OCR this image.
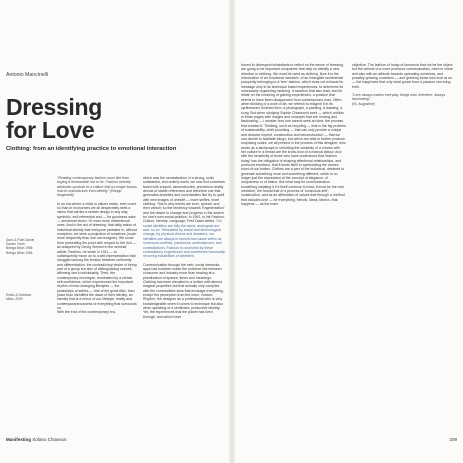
Antonio Mancinelli
Dressing
for Love
Clothing: from an identifying practice to emotional interaction
Dario & Ruth Daniel
Darwin Youth
Biringa Milan 1986
Biringa Milan 1986
Emilio & Domiano
Milan, 2009

"Reading contemporary fashion more like than buying a fashionable hat or its. Fashion secretly attributes symbols to a culture that no longer knows how to manufacture from identity" (Rango Mugenetti).

In an era where a crisis in values exists, even more so than in economies we all desperately seek a vision that carries a certain design in any way; symbolic, self-referential and — for goodness sake — emotional vision. Or even more unidentional ones. And in the act of dressing, that daily action of individual identity that everyone partakes in, without exception, we seek a projection of ourselves (much more frequently than one can imagine). We come from presenting the point with respect to the rich — as analyzed by Georg Simmel in the seminal article, Fashion, he wrote in 1911 — to subsequently move on to a self-representation that struggled among the tension between uniformity and differentiation; the contradictory desire of being part of a group but also of distinguishing oneself, affirming one's individuality. Then, the contemporary era began, dominated by a certain self-confidence, which experienced the important rhythm of ever-changing lifestyles — the peaks/dips of selfies — first of the great Attic, then place than identified the dawn of their identity, an identity that is a mirror of our lifestyle, reality and contemporaneousness of everything that surrounds us.
With the end of the contemporary era,

which was the neutralization of a strong, solid, substantial, and orderly world, we now find ourselves faced with a liquid, deconstructed, precarious reality devoid of stable references and therefore one that generates anxieties and uncertainties like try to quell with new images of oneself — more selfies, more clothing. This is why trends are born, spread, and then vanish; so the tendency towards 'fragmentation' and the desire to change and progress in the search for one's own social position. In 1992, in his Fashion, Culture, Identity: Language, Fred Davis writes: 'Our social identities are fully the same; analogues are rare, so be. Stimulated by social and technological change, by physical visions and disasters, our identities are always in turmoil and cause within us numerous conflicts, paradoxes, ambivalences, and contradictions. Fashion is nourished by these contradictory experiences and sometimes historically recurring instabilities of identities.'

Communication through the web, social networks, apps has however made the universe link between consumer and industry more than beating at a pluralization of spaces, times and meanings. Clothing has been elevated to a holism with almost magical properties but that actually only complies with the commodities laws that envisage everything, except the perception from the norm, custom. Rhythm, the designer as a professional who is very knowledgeable when it comes to technique but also when speaking of a sentiment, productive identity. Yet, the experiences that the planet has lived through, and which have

forced to disrespect inhabitants to reflect on the sense of dressing, are going to be important companies that help us identify a new direction in clothing. We must be used as clothing. Now it is the introduction of an emotional narrative, of an intangible sentimental prosperity belonging to a 'free' fashion, which does not exhaust its message only in its technique based experiences, to determine its necessarily organizing meaning. It sanction that also lead, and its relate on the meaning of gaining experiences, a practice that seems to have been disappeared from contemporary man. Often, when thinking of a work of art, we refresh to imagine it in its synthesized, finished form: a photograph, a painting, a drawing, a song. But when studying Sophie Chiasson's work — which unfolds in those pages with images and concepts that are moving and fascinating — I wonder how one cannot seek an idea: the process that created it. Thinking, such as recycling — that is the big problem of sustainability, cloth pouching — that can only provide a unique and decisive imprint, construction and deconstruction — that we can decide to facilitate things, but which are able to further produce surprising codes, we all present in the process of this designer, who works as a landscape in unfolding the creativity of a creator with her culture in a thread are the know-how of a manual labour. And with the sensitivity of those who have understood that 'fashion today' has the obligation of shaping affectional relationships, and profound emotions, that it lends itself to symbolizing the names short of our bodies. Clothes are a part of the individual, destined to generate something more and something different, which is no longer just the expression of the concept of elegance, of uniqueness or of status. But what may be communication something instating it if it itself continue to exist, it must be the real medicine, the formal that of a process of 'conscious self'-construction, and as an affirmation of values that through a method that includes love — for everything, friends, ideas, fabrics, that happens — as the main

objective. The fashion of today of tomorrow that not be the object but the vehicle of a more profound communication, more in virtue and also with an attitude towards spreading ourselves, and possibly growing ourselves — and granting those who look at us — the happiness that only what grows from a passion can bring forth.

"Love always makes everyday things new. therefore, always fascinating."
(St. Augustine)

Manifesting Sofano Chiasson	209
